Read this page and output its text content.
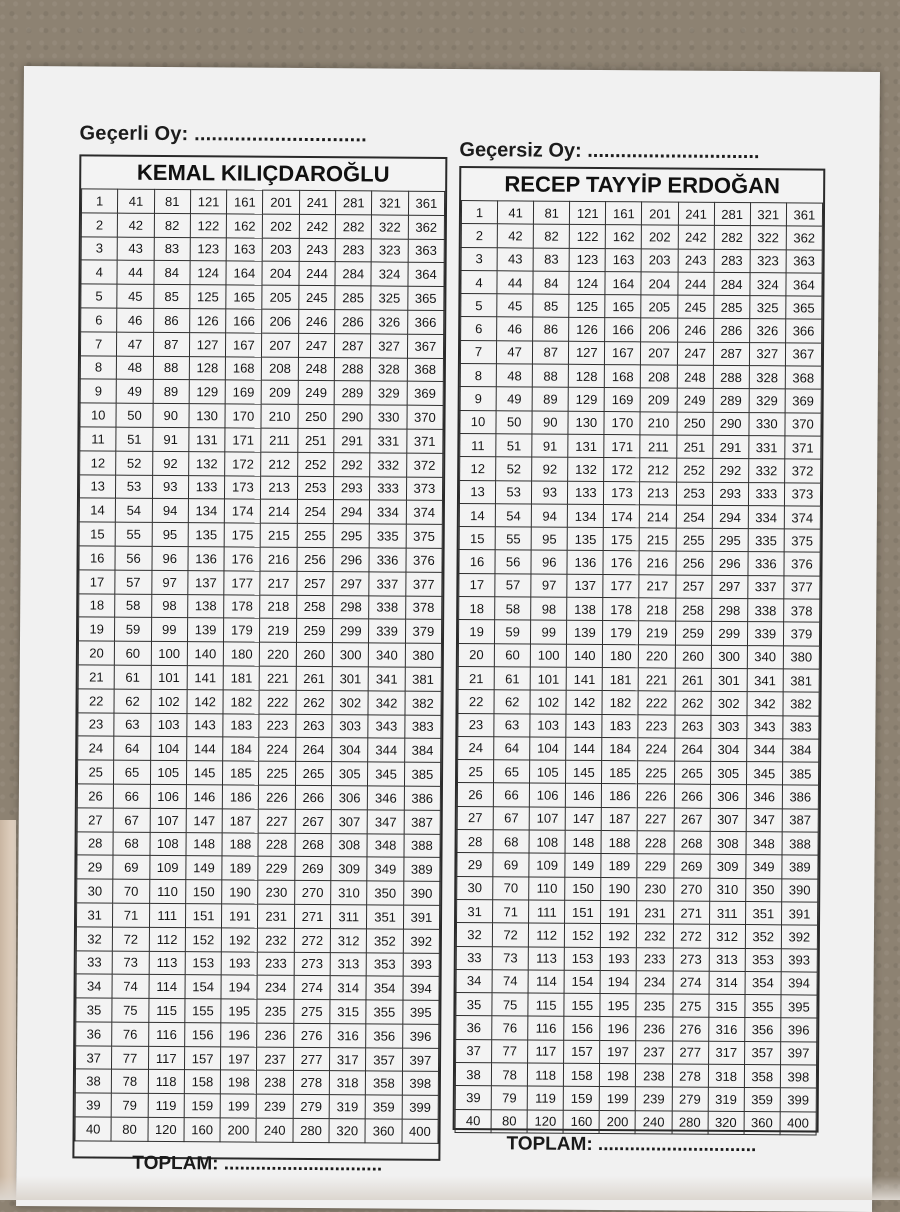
Geçerli Oy: ..............................
Geçersiz Oy: ...............................
KEMAL KILIÇDAROĞLU
1	41	81	121	161	201	241	281	321	361
2	42	82	122	162	202	242	282	322	362
3	43	83	123	163	203	243	283	323	363
4	44	84	124	164	204	244	284	324	364
5	45	85	125	165	205	245	285	325	365
6	46	86	126	166	206	246	286	326	366
7	47	87	127	167	207	247	287	327	367
8	48	88	128	168	208	248	288	328	368
9	49	89	129	169	209	249	289	329	369
10	50	90	130	170	210	250	290	330	370
11	51	91	131	171	211	251	291	331	371
12	52	92	132	172	212	252	292	332	372
13	53	93	133	173	213	253	293	333	373
14	54	94	134	174	214	254	294	334	374
15	55	95	135	175	215	255	295	335	375
16	56	96	136	176	216	256	296	336	376
17	57	97	137	177	217	257	297	337	377
18	58	98	138	178	218	258	298	338	378
19	59	99	139	179	219	259	299	339	379
20	60	100	140	180	220	260	300	340	380
21	61	101	141	181	221	261	301	341	381
22	62	102	142	182	222	262	302	342	382
23	63	103	143	183	223	263	303	343	383
24	64	104	144	184	224	264	304	344	384
25	65	105	145	185	225	265	305	345	385
26	66	106	146	186	226	266	306	346	386
27	67	107	147	187	227	267	307	347	387
28	68	108	148	188	228	268	308	348	388
29	69	109	149	189	229	269	309	349	389
30	70	110	150	190	230	270	310	350	390
31	71	111	151	191	231	271	311	351	391
32	72	112	152	192	232	272	312	352	392
33	73	113	153	193	233	273	313	353	393
34	74	114	154	194	234	274	314	354	394
35	75	115	155	195	235	275	315	355	395
36	76	116	156	196	236	276	316	356	396
37	77	117	157	197	237	277	317	357	397
38	78	118	158	198	238	278	318	358	398
39	79	119	159	199	239	279	319	359	399
40	80	120	160	200	240	280	320	360	400
RECEP TAYYİP ERDOĞAN
1	41	81	121	161	201	241	281	321	361
2	42	82	122	162	202	242	282	322	362
3	43	83	123	163	203	243	283	323	363
4	44	84	124	164	204	244	284	324	364
5	45	85	125	165	205	245	285	325	365
6	46	86	126	166	206	246	286	326	366
7	47	87	127	167	207	247	287	327	367
8	48	88	128	168	208	248	288	328	368
9	49	89	129	169	209	249	289	329	369
10	50	90	130	170	210	250	290	330	370
11	51	91	131	171	211	251	291	331	371
12	52	92	132	172	212	252	292	332	372
13	53	93	133	173	213	253	293	333	373
14	54	94	134	174	214	254	294	334	374
15	55	95	135	175	215	255	295	335	375
16	56	96	136	176	216	256	296	336	376
17	57	97	137	177	217	257	297	337	377
18	58	98	138	178	218	258	298	338	378
19	59	99	139	179	219	259	299	339	379
20	60	100	140	180	220	260	300	340	380
21	61	101	141	181	221	261	301	341	381
22	62	102	142	182	222	262	302	342	382
23	63	103	143	183	223	263	303	343	383
24	64	104	144	184	224	264	304	344	384
25	65	105	145	185	225	265	305	345	385
26	66	106	146	186	226	266	306	346	386
27	67	107	147	187	227	267	307	347	387
28	68	108	148	188	228	268	308	348	388
29	69	109	149	189	229	269	309	349	389
30	70	110	150	190	230	270	310	350	390
31	71	111	151	191	231	271	311	351	391
32	72	112	152	192	232	272	312	352	392
33	73	113	153	193	233	273	313	353	393
34	74	114	154	194	234	274	314	354	394
35	75	115	155	195	235	275	315	355	395
36	76	116	156	196	236	276	316	356	396
37	77	117	157	197	237	277	317	357	397
38	78	118	158	198	238	278	318	358	398
39	79	119	159	199	239	279	319	359	399
40	80	120	160	200	240	280	320	360	400
TOPLAM: ..............................
TOPLAM: ..............................
